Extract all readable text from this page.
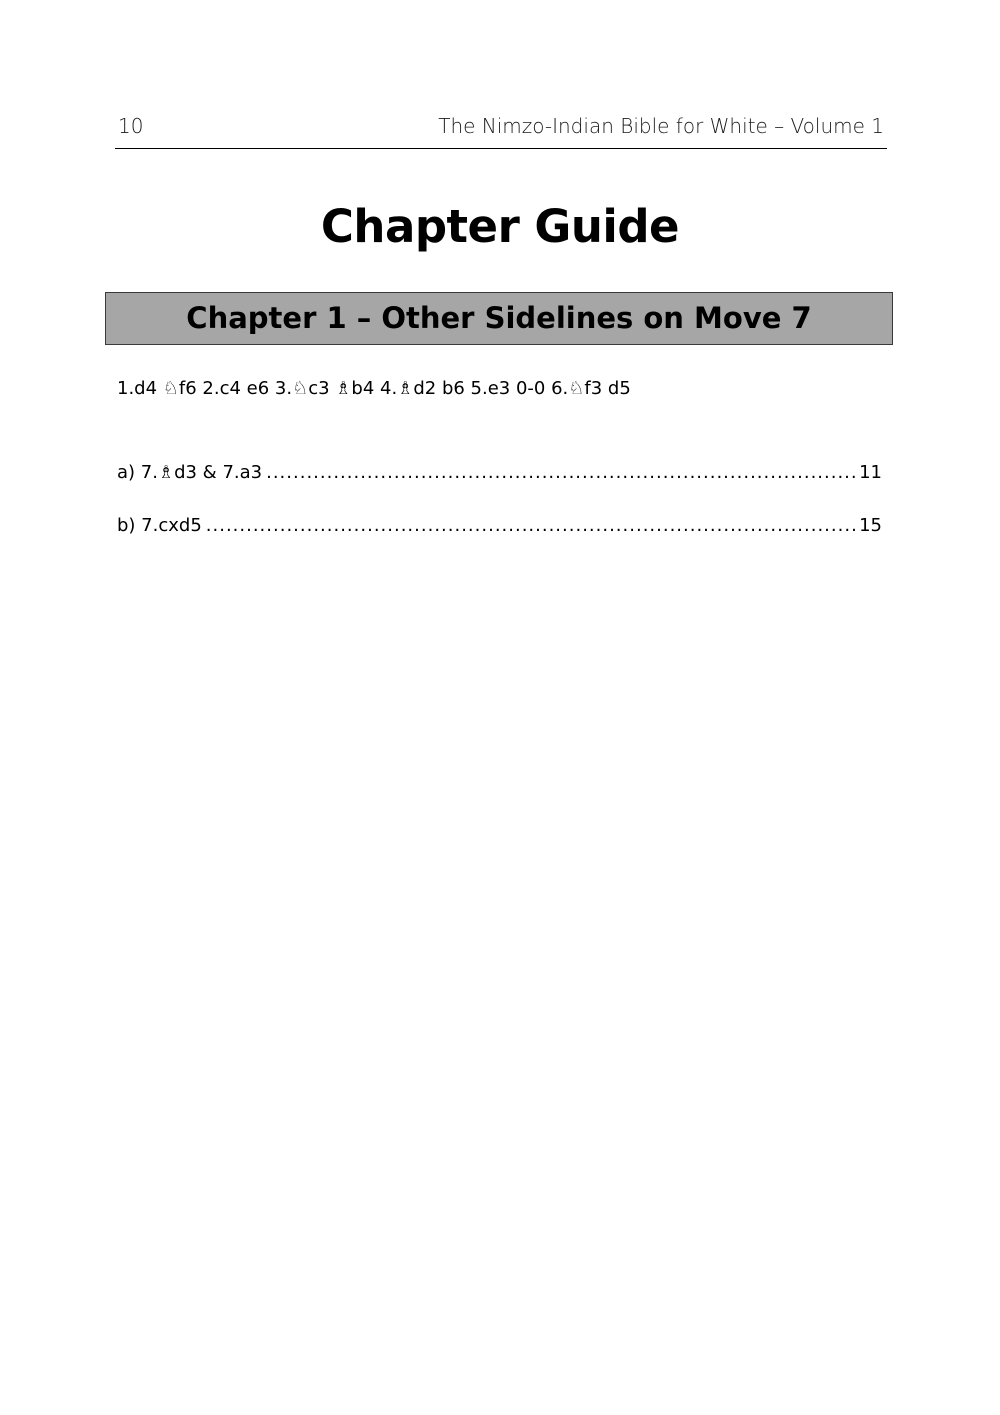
10	The Nimzo-Indian Bible for White – Volume 1
Chapter Guide
Chapter 1 – Other Sidelines on Move 7
1.d4 ♘f6 2.c4 e6 3.♘c3 ♗b4 4.♗d2 b6 5.e3 0-0 6.♘f3 d5
a) 7.♗d3 & 7.a3 .....	11
b) 7.cxd5 .....	15
